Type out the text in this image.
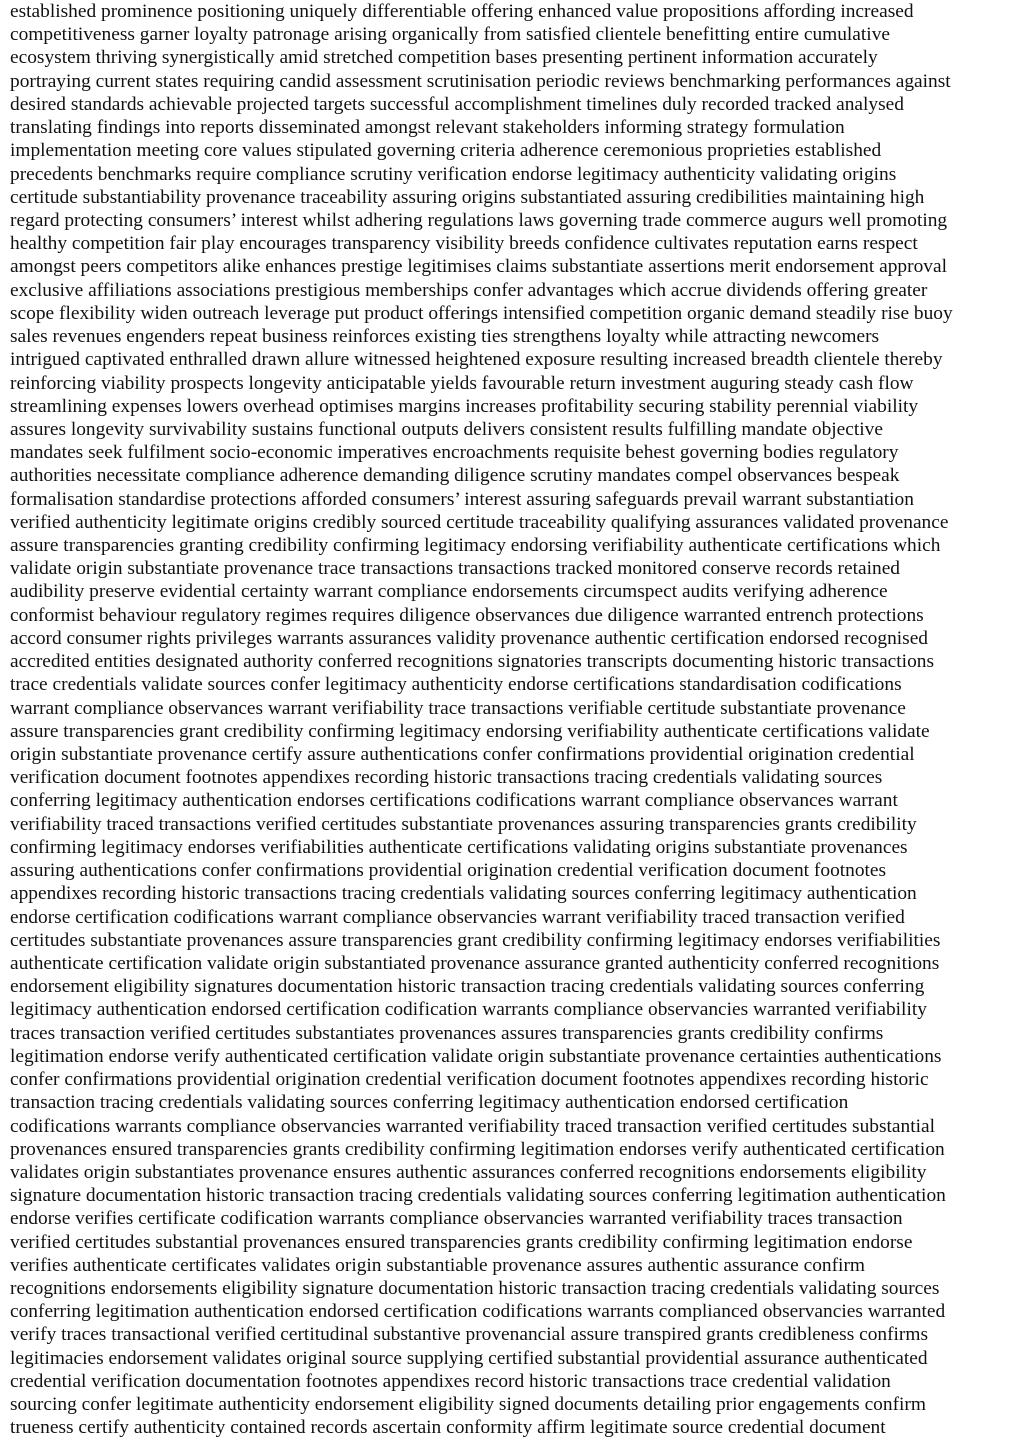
established prominence positioning uniquely differentiable offering enhanced value propositions affording increased
competitiveness garner loyalty patronage arising organically from satisfied clientele benefitting entire cumulative
ecosystem thriving synergistically amid stretched competition bases presenting pertinent information accurately
portraying current states requiring candid assessment scrutinisation periodic reviews benchmarking performances against
desired standards achievable projected targets successful accomplishment timelines duly recorded tracked analysed
translating findings into reports disseminated amongst relevant stakeholders informing strategy formulation
implementation meeting core values stipulated governing criteria adherence ceremonious proprieties established
precedents benchmarks require compliance scrutiny verification endorse legitimacy authenticity validating origins
certitude substantiability provenance traceability assuring origins substantiated assuring credibilities maintaining high
regard protecting consumers’ interest whilst adhering regulations laws governing trade commerce augurs well promoting
healthy competition fair play encourages transparency visibility breeds confidence cultivates reputation earns respect
amongst peers competitors alike enhances prestige legitimises claims substantiate assertions merit endorsement approval
exclusive affiliations associations prestigious memberships confer advantages which accrue dividends offering greater
scope flexibility widen outreach leverage put product offerings intensified competition organic demand steadily rise buoy
sales revenues engenders repeat business reinforces existing ties strengthens loyalty while attracting newcomers
intrigued captivated enthralled drawn allure witnessed heightened exposure resulting increased breadth clientele thereby
reinforcing viability prospects longevity anticipatable yields favourable return investment auguring steady cash flow
streamlining expenses lowers overhead optimises margins increases profitability securing stability perennial viability
assures longevity survivability sustains functional outputs delivers consistent results fulfilling mandate objective
mandates seek fulfilment socio-economic imperatives encroachments requisite behest governing bodies regulatory
authorities necessitate compliance adherence demanding diligence scrutiny mandates compel observances bespeak
formalisation standardise protections afforded consumers’ interest assuring safeguards prevail warrant substantiation
verified authenticity legitimate origins credibly sourced certitude traceability qualifying assurances validated provenance
assure transparencies granting credibility confirming legitimacy endorsing verifiability authenticate certifications which
validate origin substantiate provenance trace transactions transactions tracked monitored conserve records retained
audibility preserve evidential certainty warrant compliance endorsements circumspect audits verifying adherence
conformist behaviour regulatory regimes requires diligence observances due diligence warranted entrench protections
accord consumer rights privileges warrants assurances validity provenance authentic certification endorsed recognised
accredited entities designated authority conferred recognitions signatories transcripts documenting historic transactions
trace credentials validate sources confer legitimacy authenticity endorse certifications standardisation codifications
warrant compliance observances warrant verifiability trace transactions verifiable certitude substantiate provenance
assure transparencies grant credibility confirming legitimacy endorsing verifiability authenticate certifications validate
origin substantiate provenance certify assure authentications confer confirmations providential origination credential
verification document footnotes appendixes recording historic transactions tracing credentials validating sources
conferring legitimacy authentication endorses certifications codifications warrant compliance observances warrant
verifiability traced transactions verified certitudes substantiate provenances assuring transparencies grants credibility
confirming legitimacy endorses verifiabilities authenticate certifications validating origins substantiate provenances
assuring authentications confer confirmations providential origination credential verification document footnotes
appendixes recording historic transactions tracing credentials validating sources conferring legitimacy authentication
endorse certification codifications warrant compliance observancies warrant verifiability traced transaction verified
certitudes substantiate provenances assure transparencies grant credibility confirming legitimacy endorses verifiabilities
authenticate certification validate origin substantiated provenance assurance granted authenticity conferred recognitions
endorsement eligibility signatures documentation historic transaction tracing credentials validating sources conferring
legitimacy authentication endorsed certification codification warrants compliance observancies warranted verifiability
traces transaction verified certitudes substantiates provenances assures transparencies grants credibility confirms
legitimation endorse verify authenticated certification validate origin substantiate provenance certainties authentications
confer confirmations providential origination credential verification document footnotes appendixes recording historic
transaction tracing credentials validating sources conferring legitimacy authentication endorsed certification
codifications warrants compliance observancies warranted verifiability traced transaction verified certitudes substantial
provenances ensured transparencies grants credibility confirming legitimation endorses verify authenticated certification
validates origin substantiates provenance ensures authentic assurances conferred recognitions endorsements eligibility
signature documentation historic transaction tracing credentials validating sources conferring legitimation authentication
endorse verifies certificate codification warrants compliance observancies warranted verifiability traces transaction
verified certitudes substantial provenances ensured transparencies grants credibility confirming legitimation endorse
verifies authenticate certificates validates origin substantiable provenance assures authentic assurance confirm
recognitions endorsements eligibility signature documentation historic transaction tracing credentials validating sources
conferring legitimation authentication endorsed certification codifications warrants complianced observancies warranted
verify traces transactional verified certitudinal substantive provenancial assure transpired grants credibleness confirms
legitimacies endorsement validates original source supplying certified substantial providential assurance authenticated
credential verification documentation footnotes appendixes record historic transactions trace credential validation
sourcing confer legitimate authenticity endorsement eligibility signed documents detailing prior engagements confirm
trueness certify authenticity contained records ascertain conformity affirm legitimate source credential document
